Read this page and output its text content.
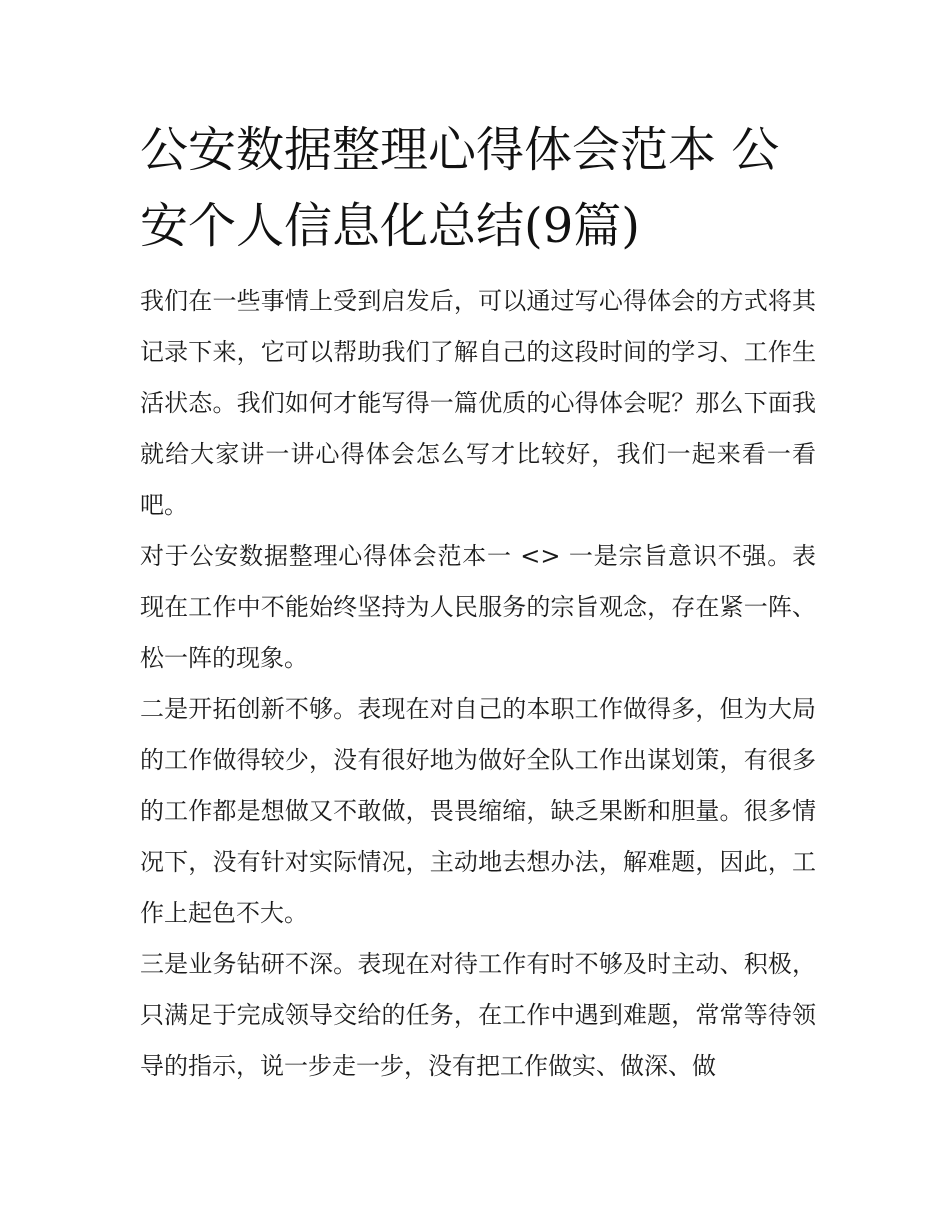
公安数据整理心得体会范本 公安个人信息化总结(9篇)

我们在一些事情上受到启发后，可以通过写心得体会的方式将其记录下来，它可以帮助我们了解自己的这段时间的学习、工作生活状态。我们如何才能写得一篇优质的心得体会呢？那么下面我就给大家讲一讲心得体会怎么写才比较好，我们一起来看一看吧。

对于公安数据整理心得体会范本一 <> 一是宗旨意识不强。表现在工作中不能始终坚持为人民服务的宗旨观念，存在紧一阵、松一阵的现象。

二是开拓创新不够。表现在对自己的本职工作做得多，但为大局的工作做得较少，没有很好地为做好全队工作出谋划策，有很多的工作都是想做又不敢做，畏畏缩缩，缺乏果断和胆量。很多情况下，没有针对实际情况，主动地去想办法，解难题，因此，工作上起色不大。

三是业务钻研不深。表现在对待工作有时不够及时主动、积极，只满足于完成领导交给的任务，在工作中遇到难题，常常等待领导的指示，说一步走一步，没有把工作做实、做深、做
